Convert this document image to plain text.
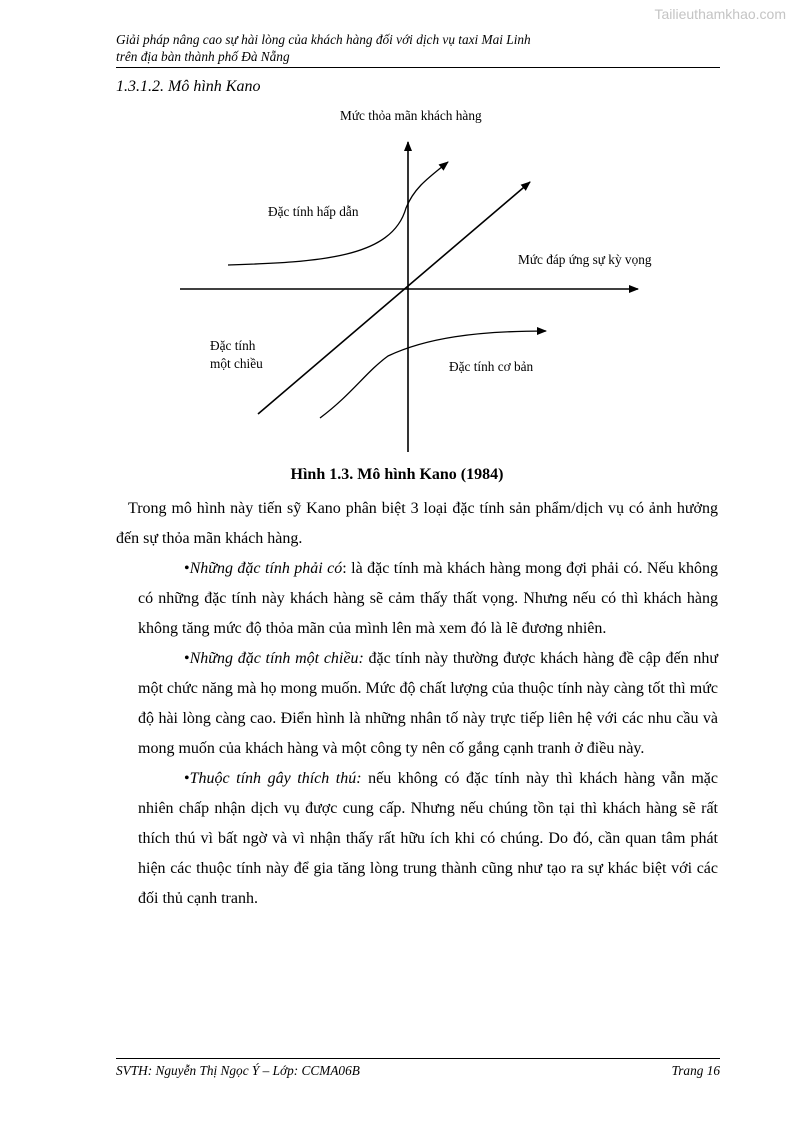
Tailieuthamkhao.com
Giải pháp nâng cao sự hài lòng của khách hàng đối với dịch vụ taxi Mai Linh
trên địa bàn thành phố Đà Nẵng
1.3.1.2. Mô hình Kano
Mức thỏa mãn khách hàng
Mức đáp ứng sự kỳ vọng
Đặc tính hấp dẫn
Đặc tính
một chiều	Đặc tính cơ bản
Hình 1.3. Mô hình Kano (1984)

Trong mô hình này tiến sỹ Kano phân biệt 3 loại đặc tính sản phẩm/dịch vụ có ảnh hưởng đến sự thỏa mãn khách hàng.

•Những đặc tính phải có: là đặc tính mà khách hàng mong đợi phải có. Nếu không có những đặc tính này khách hàng sẽ cảm thấy thất vọng. Nhưng nếu có thì khách hàng không tăng mức độ thỏa mãn của mình lên mà xem đó là lẽ đương nhiên.

•Những đặc tính một chiều: đặc tính này thường được khách hàng đề cập đến như một chức năng mà họ mong muốn. Mức độ chất lượng của thuộc tính này càng tốt thì mức độ hài lòng càng cao. Điển hình là những nhân tố này trực tiếp liên hệ với các nhu cầu và mong muốn của khách hàng và một công ty nên cố gắng cạnh tranh ở điều này.

•Thuộc tính gây thích thú: nếu không có đặc tính này thì khách hàng vẫn mặc nhiên chấp nhận dịch vụ được cung cấp. Nhưng nếu chúng tồn tại thì khách hàng sẽ rất thích thú vì bất ngờ và vì nhận thấy rất hữu ích khi có chúng. Do đó, cần quan tâm phát hiện các thuộc tính này để gia tăng lòng trung thành cũng như tạo ra sự khác biệt với các đối thủ cạnh tranh.

SVTH: Nguyễn Thị Ngọc Ý – Lớp: CCMA06B	Trang 16
